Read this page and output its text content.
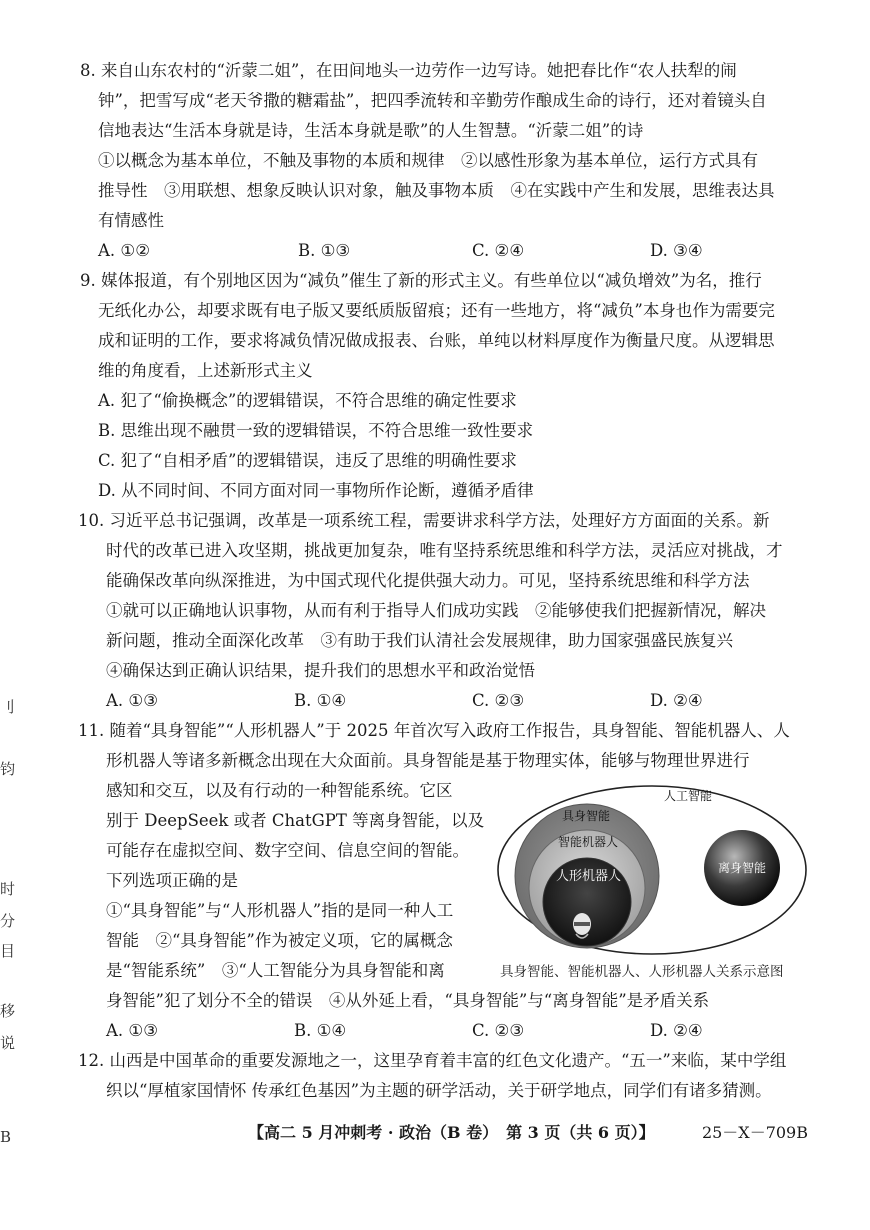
刂
钧
时
分
目
移
说
B
8. 来自山东农村的“沂蒙二姐”，在田间地头一边劳作一边写诗。她把春比作“农人扶犁的闹
钟”，把雪写成“老天爷撒的糖霜盐”，把四季流转和辛勤劳作酿成生命的诗行，还对着镜头自
信地表达“生活本身就是诗，生活本身就是歌”的人生智慧。“沂蒙二姐”的诗
①以概念为基本单位，不触及事物的本质和规律　②以感性形象为基本单位，运行方式具有
推导性　③用联想、想象反映认识对象，触及事物本质　④在实践中产生和发展，思维表达具
有情感性
A. ①②	B. ①③	C. ②④	D. ③④
9. 媒体报道，有个别地区因为“减负”催生了新的形式主义。有些单位以“减负增效”为名，推行
无纸化办公，却要求既有电子版又要纸质版留痕；还有一些地方，将“减负”本身也作为需要完
成和证明的工作，要求将减负情况做成报表、台账，单纯以材料厚度作为衡量尺度。从逻辑思
维的角度看，上述新形式主义
A. 犯了“偷换概念”的逻辑错误，不符合思维的确定性要求
B. 思维出现不融贯一致的逻辑错误，不符合思维一致性要求
C. 犯了“自相矛盾”的逻辑错误，违反了思维的明确性要求
D. 从不同时间、不同方面对同一事物所作论断，遵循矛盾律
10. 习近平总书记强调，改革是一项系统工程，需要讲求科学方法，处理好方方面面的关系。新
时代的改革已进入攻坚期，挑战更加复杂，唯有坚持系统思维和科学方法，灵活应对挑战，才
能确保改革向纵深推进，为中国式现代化提供强大动力。可见，坚持系统思维和科学方法
①就可以正确地认识事物，从而有利于指导人们成功实践　②能够使我们把握新情况，解决
新问题，推动全面深化改革　③有助于我们认清社会发展规律，助力国家强盛民族复兴
④确保达到正确认识结果，提升我们的思想水平和政治觉悟
A. ①③	B. ①④	C. ②③	D. ②④
11. 随着“具身智能”“人形机器人”于 2025 年首次写入政府工作报告，具身智能、智能机器人、人
形机器人等诸多新概念出现在大众面前。具身智能是基于物理实体，能够与物理世界进行
感知和交互，以及有行动的一种智能系统。它区
别于 DeepSeek 或者 ChatGPT 等离身智能，以及
可能存在虚拟空间、数字空间、信息空间的智能。
下列选项正确的是
①“具身智能”与“人形机器人”指的是同一种人工
智能　②“具身智能”作为被定义项，它的属概念
是“智能系统”　③“人工智能分为具身智能和离
身智能”犯了划分不全的错误　④从外延上看，“具身智能”与“离身智能”是矛盾关系
A. ①③	B. ①④	C. ②③	D. ②④
人工智能
具身智能
智能机器人
人形机器人
离身智能
具身智能、智能机器人、人形机器人关系示意图
12. 山西是中国革命的重要发源地之一，这里孕育着丰富的红色文化遗产。“五一”来临，某中学组
织以“厚植家国情怀 传承红色基因”为主题的研学活动，关于研学地点，同学们有诸多猜测。
【高二 5 月冲刺考 · 政治（B 卷）　第 3 页（共 6 页）】	25－X－709B
